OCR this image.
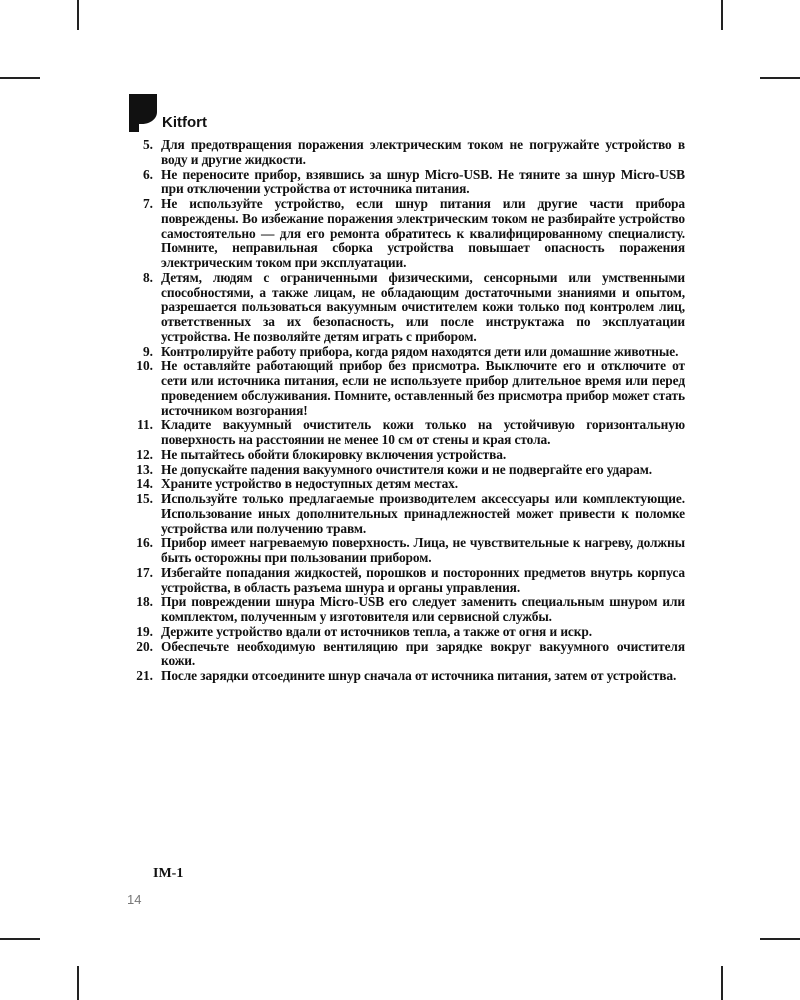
Kitfort
5. Для предотвращения поражения электрическим током не погружайте устройство в воду и другие жидкости.
6. Не переносите прибор, взявшись за шнур Micro-USB. Не тяните за шнур Micro-USB при отключении устройства от источника питания.
7. Не используйте устройство, если шнур питания или другие части прибора повреждены. Во избежание поражения электрическим током не разбирайте устройство самостоятельно — для его ремонта обратитесь к квалифицированному специалисту. Помните, неправильная сборка устройства повышает опасность поражения электрическим током при эксплуатации.
8. Детям, людям с ограниченными физическими, сенсорными или умственными способностями, а также лицам, не обладающим достаточными знаниями и опытом, разрешается пользоваться вакуумным очистителем кожи только под контролем лиц, ответственных за их безопасность, или после инструктажа по эксплуатации устройства. Не позволяйте детям играть с прибором.
9. Контролируйте работу прибора, когда рядом находятся дети или домашние животные.
10. Не оставляйте работающий прибор без присмотра. Выключите его и отключите от сети или источника питания, если не используете прибор длительное время или перед проведением обслуживания. Помните, оставленный без присмотра прибор может стать источником возгорания!
11. Кладите вакуумный очиститель кожи только на устойчивую горизонтальную поверхность на расстоянии не менее 10 см от стены и края стола.
12. Не пытайтесь обойти блокировку включения устройства.
13. Не допускайте падения вакуумного очистителя кожи и не подвергайте его ударам.
14. Храните устройство в недоступных детям местах.
15. Используйте только предлагаемые производителем аксессуары или комплектующие. Использование иных дополнительных принадлежностей может привести к поломке устройства или получению травм.
16. Прибор имеет нагреваемую поверхность. Лица, не чувствительные к нагреву, должны быть осторожны при пользовании прибором.
17. Избегайте попадания жидкостей, порошков и посторонних предметов внутрь корпуса устройства, в область разъема шнура и органы управления.
18. При повреждении шнура Micro-USB его следует заменить специальным шнуром или комплектом, полученным у изготовителя или сервисной службы.
19. Держите устройство вдали от источников тепла, а также от огня и искр.
20. Обеспечьте необходимую вентиляцию при зарядке вокруг вакуумного очистителя кожи.
21. После зарядки отсоедините шнур сначала от источника питания, затем от устройства.
IM-1
14
